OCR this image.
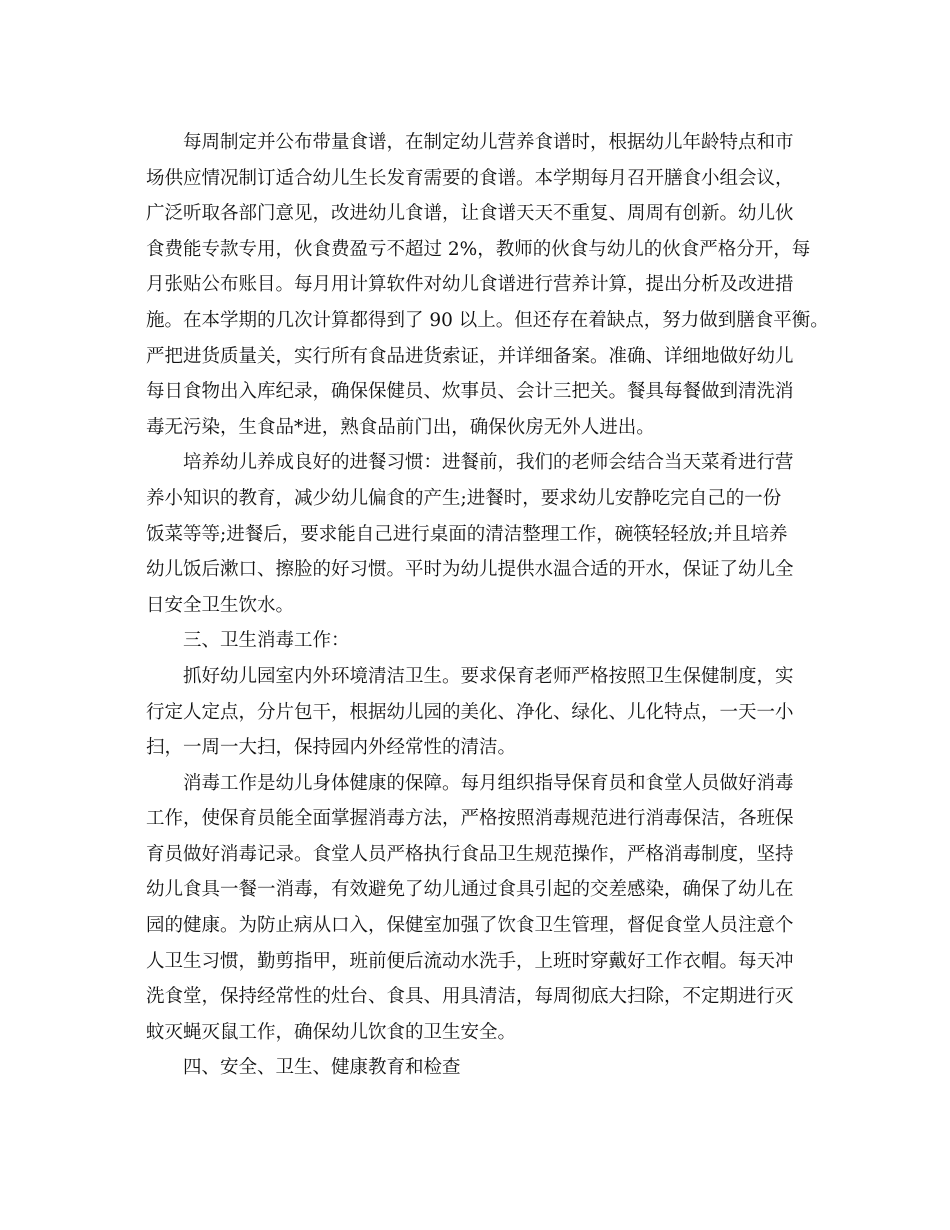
每周制定并公布带量食谱，在制定幼儿营养食谱时，根据幼儿年龄特点和市
场供应情况制订适合幼儿生长发育需要的食谱。本学期每月召开膳食小组会议，
广泛听取各部门意见，改进幼儿食谱，让食谱天天不重复、周周有创新。幼儿伙
食费能专款专用，伙食费盈亏不超过 2%，教师的伙食与幼儿的伙食严格分开，每
月张贴公布账目。每月用计算软件对幼儿食谱进行营养计算，提出分析及改进措
施。在本学期的几次计算都得到了 90 以上。但还存在着缺点，努力做到膳食平衡。
严把进货质量关，实行所有食品进货索证，并详细备案。准确、详细地做好幼儿
每日食物出入库纪录，确保保健员、炊事员、会计三把关。餐具每餐做到清洗消
毒无污染，生食品*进，熟食品前门出，确保伙房无外人进出。
培养幼儿养成良好的进餐习惯：进餐前，我们的老师会结合当天菜肴进行营
养小知识的教育，减少幼儿偏食的产生;进餐时，要求幼儿安静吃完自己的一份
饭菜等等;进餐后，要求能自己进行桌面的清洁整理工作，碗筷轻轻放;并且培养
幼儿饭后漱口、擦脸的好习惯。平时为幼儿提供水温合适的开水，保证了幼儿全
日安全卫生饮水。
三、卫生消毒工作：
抓好幼儿园室内外环境清洁卫生。要求保育老师严格按照卫生保健制度，实
行定人定点，分片包干，根据幼儿园的美化、净化、绿化、儿化特点，一天一小
扫，一周一大扫，保持园内外经常性的清洁。
消毒工作是幼儿身体健康的保障。每月组织指导保育员和食堂人员做好消毒
工作，使保育员能全面掌握消毒方法，严格按照消毒规范进行消毒保洁，各班保
育员做好消毒记录。食堂人员严格执行食品卫生规范操作，严格消毒制度，坚持
幼儿食具一餐一消毒，有效避免了幼儿通过食具引起的交差感染，确保了幼儿在
园的健康。为防止病从口入，保健室加强了饮食卫生管理，督促食堂人员注意个
人卫生习惯，勤剪指甲，班前便后流动水洗手，上班时穿戴好工作衣帽。每天冲
洗食堂，保持经常性的灶台、食具、用具清洁，每周彻底大扫除，不定期进行灭
蚊灭蝇灭鼠工作，确保幼儿饮食的卫生安全。
四、安全、卫生、健康教育和检查
